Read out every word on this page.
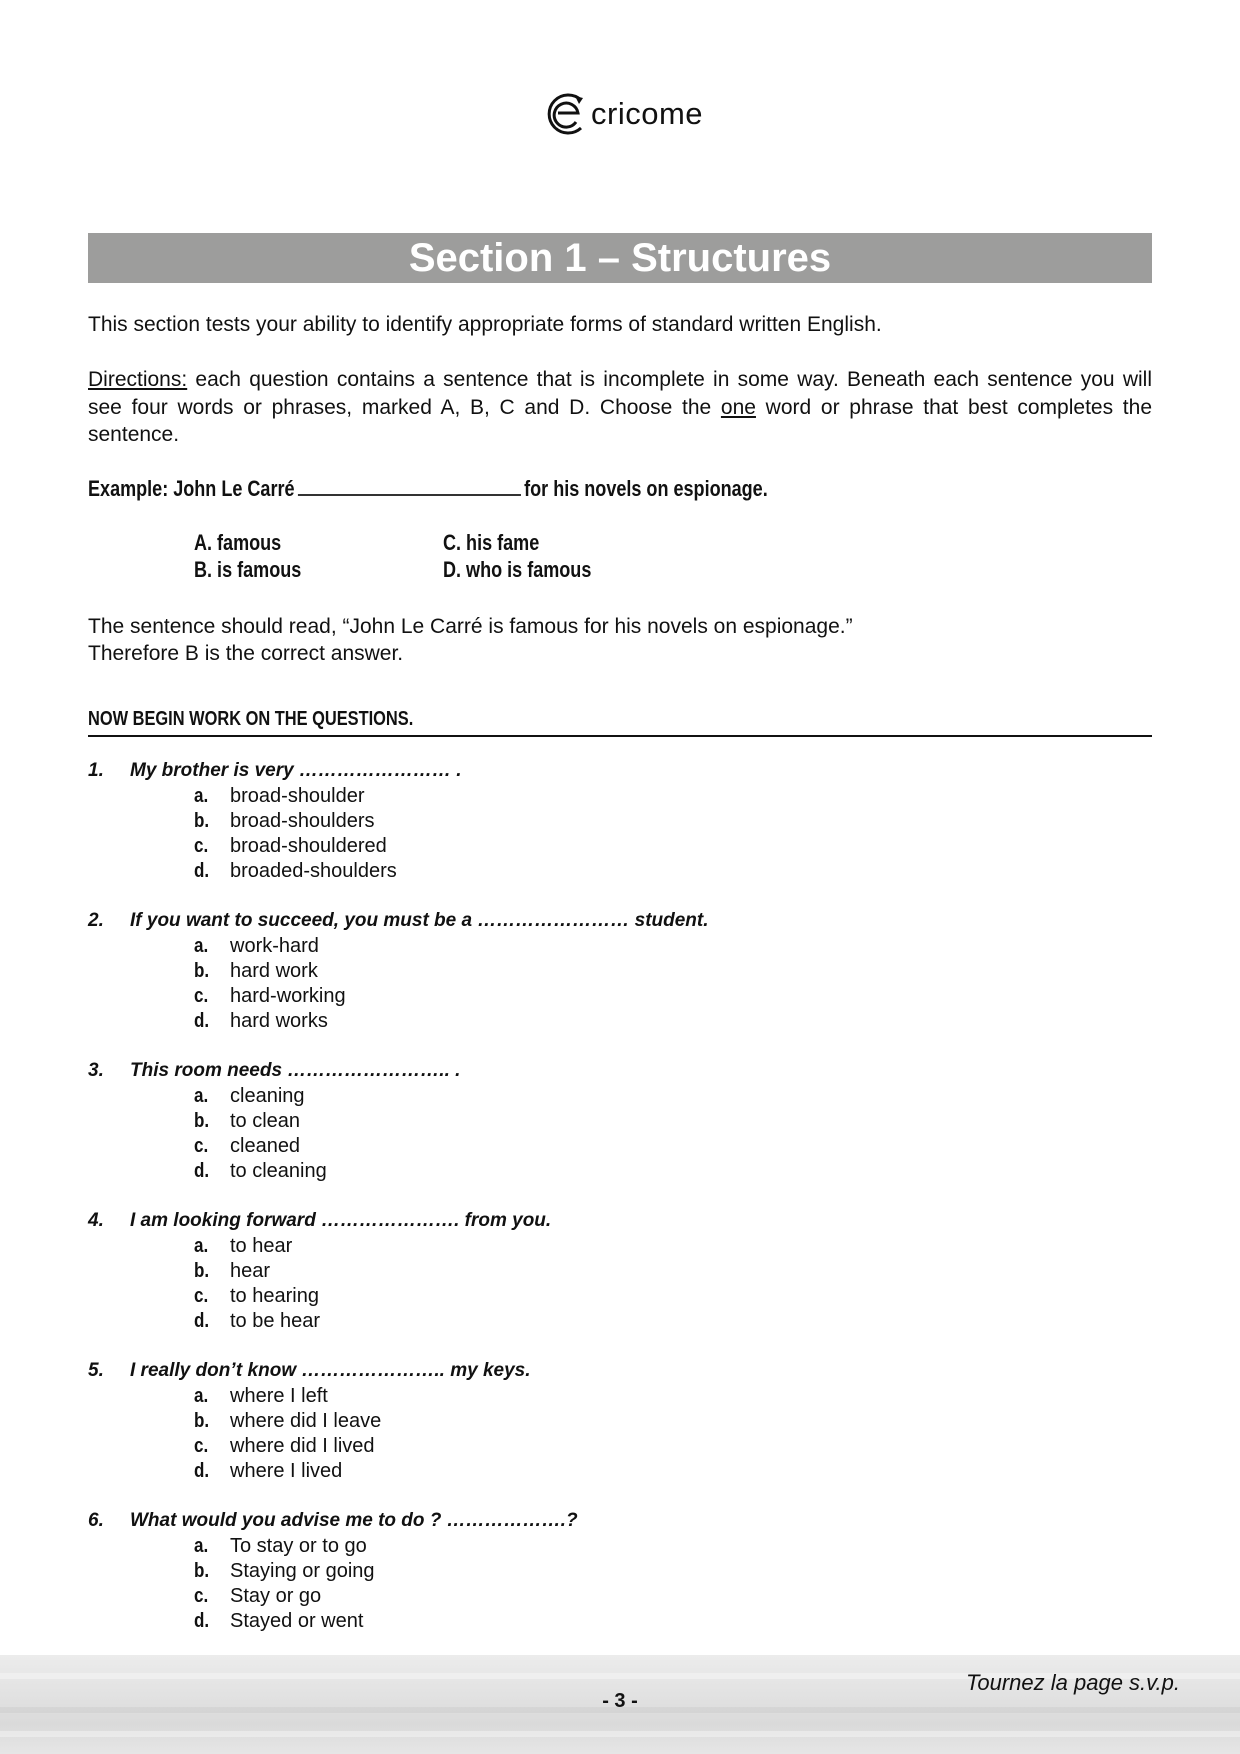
cricome
Section 1 – Structures
This section tests your ability to identify appropriate forms of standard written English.
Directions: each question contains a sentence that is incomplete in some way. Beneath each sentence you will see four words or phrases, marked A, B, C and D. Choose the one word or phrase that best completes the sentence.
Example: John Le Carré	for his novels on espionage.
A. famous
B. is famous
C. his fame
D. who is famous
The sentence should read, “John Le Carré is famous for his novels on espionage.”
Therefore B is the correct answer.
NOW BEGIN WORK ON THE QUESTIONS.
1. My brother is very …………………… .
a. broad-shoulder
b. broad-shoulders
c. broad-shouldered
d. broaded-shoulders
2. If you want to succeed, you must be a …………………… student.
a. work-hard
b. hard work
c. hard-working
d. hard works
3. This room needs …………………….. .
a. cleaning
b. to clean
c. cleaned
d. to cleaning
4. I am looking forward …………………. from you.
a. to hear
b. hear
c. to hearing
d. to be hear
5. I really don’t know ………………….. my keys.
a. where I left
b. where did I leave
c. where did I lived
d. where I lived
6. What would you advise me to do ? ……………….?
a. To stay or to go
b. Staying or going
c. Stay or go
d. Stayed or went
- 3 -
Tournez la page s.v.p.
